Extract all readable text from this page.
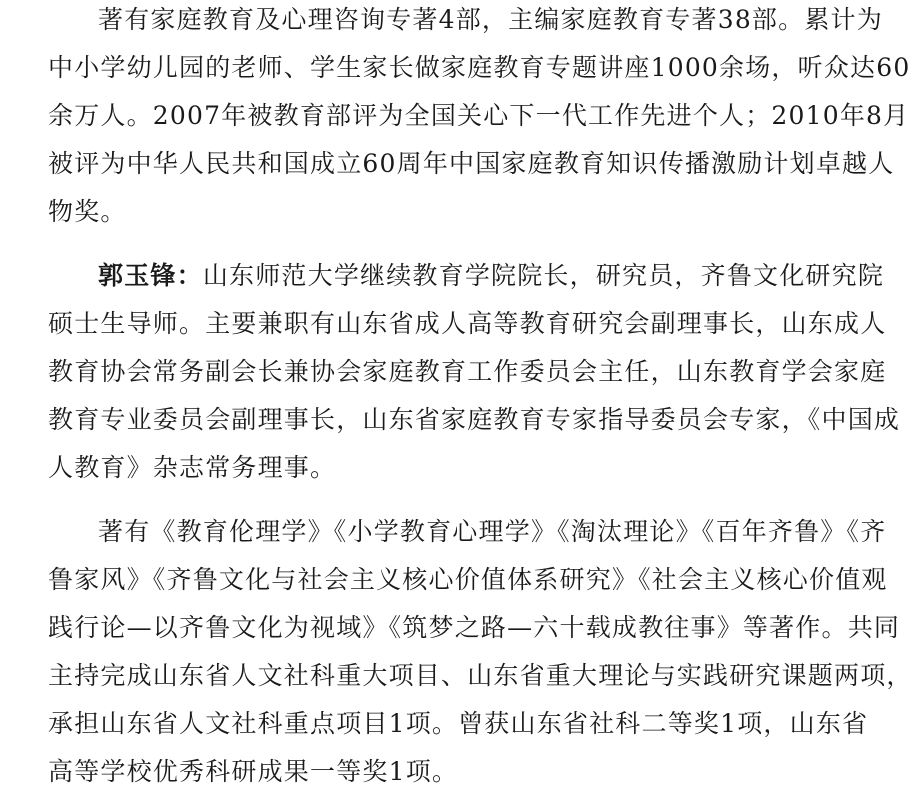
著有家庭教育及心理咨询专著4部，主编家庭教育专著38部。累计为
中小学幼儿园的老师、学生家长做家庭教育专题讲座1000余场，听众达60
余万人。2007年被教育部评为全国关心下一代工作先进个人；2010年8月
被评为中华人民共和国成立60周年中国家庭教育知识传播激励计划卓越人
物奖。

郭玉锋：山东师范大学继续教育学院院长，研究员，齐鲁文化研究院
硕士生导师。主要兼职有山东省成人高等教育研究会副理事长，山东成人
教育协会常务副会长兼协会家庭教育工作委员会主任，山东教育学会家庭
教育专业委员会副理事长，山东省家庭教育专家指导委员会专家，《中国成
人教育》杂志常务理事。

著有《教育伦理学》《小学教育心理学》《淘汰理论》《百年齐鲁》《齐
鲁家风》《齐鲁文化与社会主义核心价值体系研究》《社会主义核心价值观
践行论—以齐鲁文化为视域》《筑梦之路—六十载成教往事》等著作。共同
主持完成山东省人文社科重大项目、山东省重大理论与实践研究课题两项，
承担山东省人文社科重点项目1项。曾获山东省社科二等奖1项，山东省
高等学校优秀科研成果一等奖1项。
